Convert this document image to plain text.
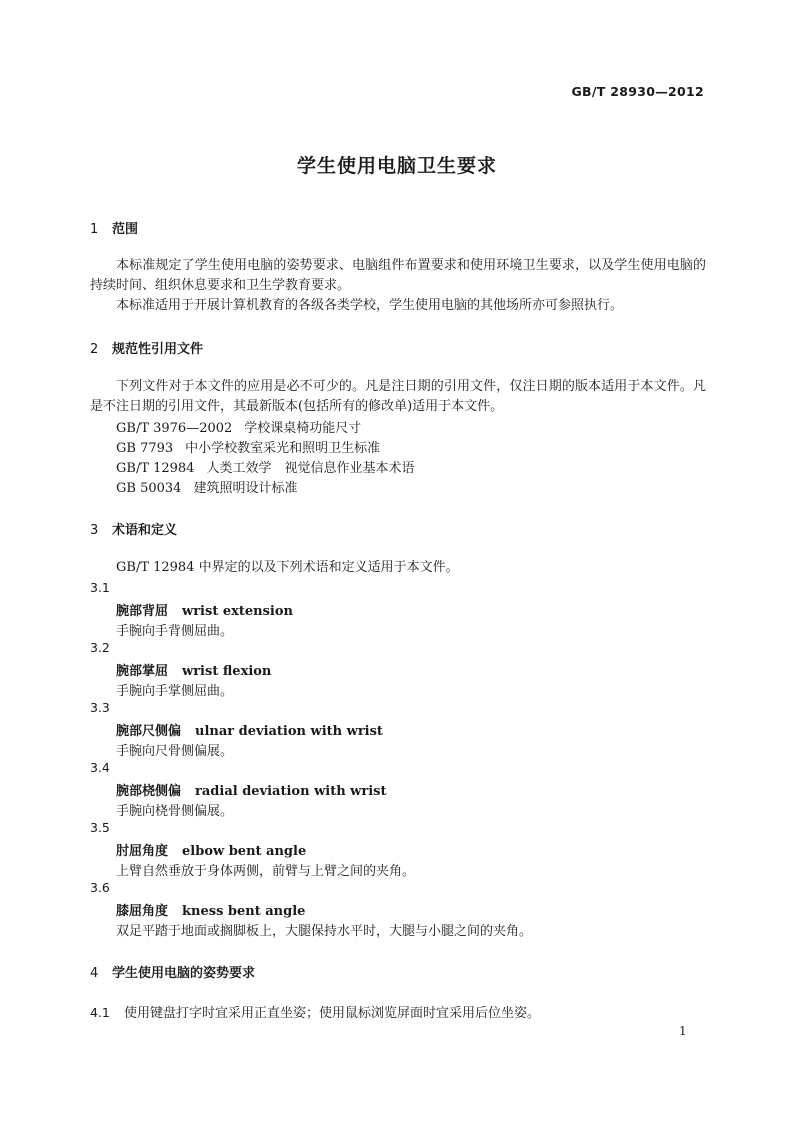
GB/T 28930—2012
学生使用电脑卫生要求
1 范围
本标准规定了学生使用电脑的姿势要求、电脑组件布置要求和使用环境卫生要求，以及学生使用电脑的持续时间、组织休息要求和卫生学教育要求。
本标准适用于开展计算机教育的各级各类学校，学生使用电脑的其他场所亦可参照执行。
2 规范性引用文件
下列文件对于本文件的应用是必不可少的。凡是注日期的引用文件，仅注日期的版本适用于本文件。凡是不注日期的引用文件，其最新版本(包括所有的修改单)适用于本文件。
GB/T 3976—2002 学校课桌椅功能尺寸
GB 7793 中小学校教室采光和照明卫生标准
GB/T 12984 人类工效学　视觉信息作业基本术语
GB 50034 建筑照明设计标准
3 术语和定义
GB/T 12984 中界定的以及下列术语和定义适用于本文件。
3.1
腕部背屈 wrist extension
手腕向手背侧屈曲。
3.2
腕部掌屈 wrist flexion
手腕向手掌侧屈曲。
3.3
腕部尺侧偏 ulnar deviation with wrist
手腕向尺骨侧偏展。
3.4
腕部桡侧偏 radial deviation with wrist
手腕向桡骨侧偏展。
3.5
肘屈角度 elbow bent angle
上臂自然垂放于身体两侧，前臂与上臂之间的夹角。
3.6
膝屈角度 kness bent angle
双足平踏于地面或搁脚板上，大腿保持水平时，大腿与小腿之间的夹角。
4 学生使用电脑的姿势要求
4.1 使用键盘打字时宜采用正直坐姿；使用鼠标浏览屏面时宜采用后位坐姿。
1
